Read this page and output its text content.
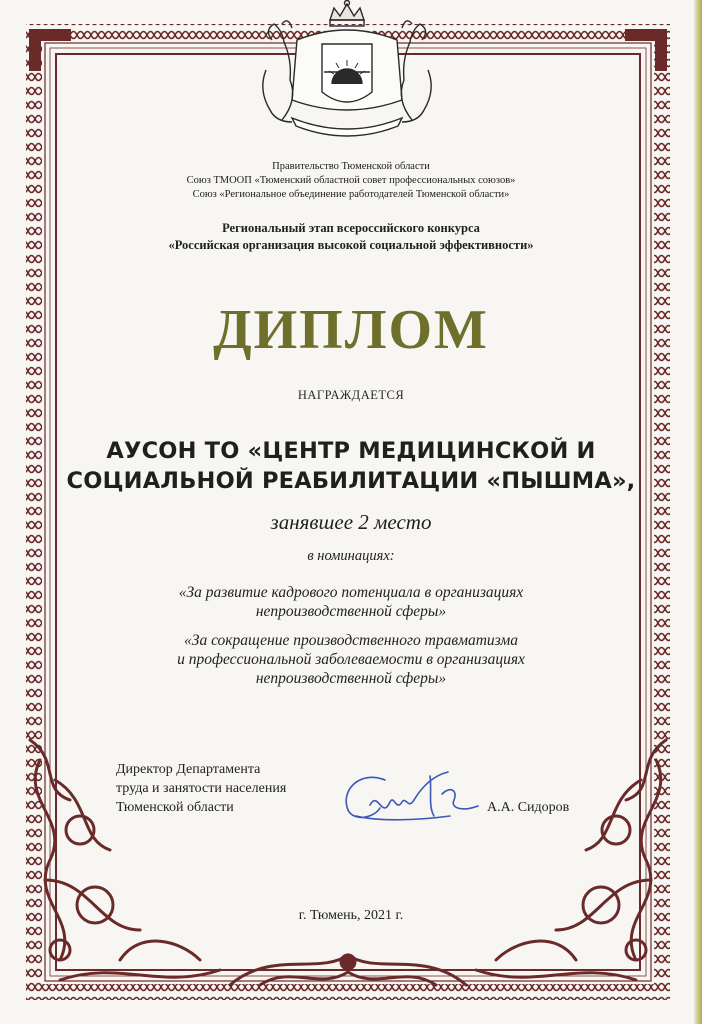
Правительство Тюменской области
Союз ТМООП «Тюменский областной совет профессиональных союзов»
Союз «Региональное объединение работодателей Тюменской области»
Региональный этап всероссийского конкурса
«Российская организация высокой социальной эффективности»
ДИПЛОМ
НАГРАЖДАЕТСЯ
АУСОН ТО «ЦЕНТР МЕДИЦИНСКОЙ И
СОЦИАЛЬНОЙ РЕАБИЛИТАЦИИ «ПЫШМА»,
занявшее 2 место
в номинациях:
«За развитие кадрового потенциала в организациях
непроизводственной сферы»
«За сокращение производственного травматизма
и профессиональной заболеваемости в организациях
непроизводственной сферы»
Директор Департамента
труда и занятости населения
Тюменской области	А.А. Сидоров
г. Тюмень, 2021 г.
